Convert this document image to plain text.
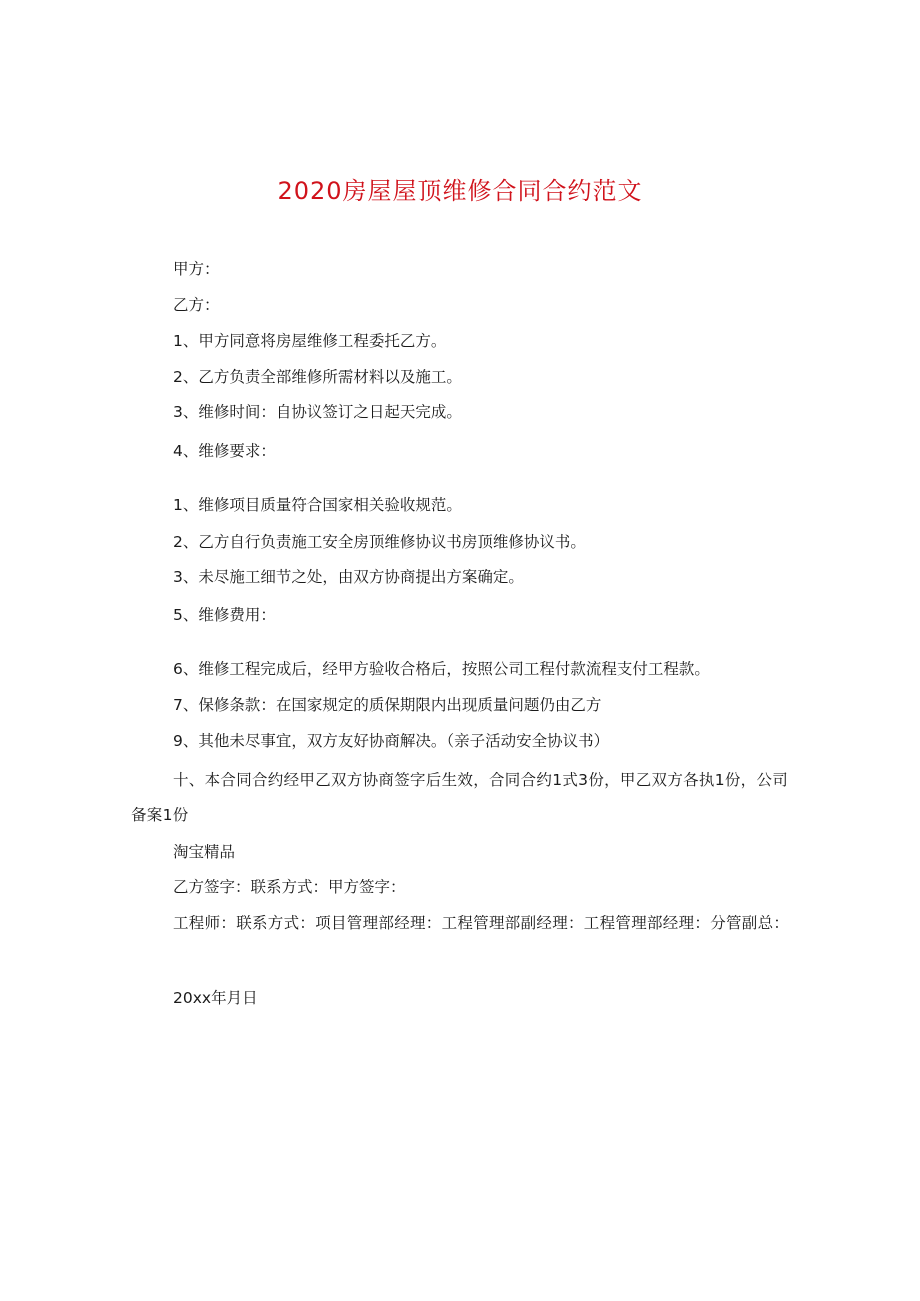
2020房屋屋顶维修合同合约范文

甲方：

乙方：

1、甲方同意将房屋维修工程委托乙方。

2、乙方负责全部维修所需材料以及施工。

3、维修时间：自协议签订之日起天完成。

4、维修要求：

1、维修项目质量符合国家相关验收规范。

2、乙方自行负责施工安全房顶维修协议书房顶维修协议书。

3、未尽施工细节之处，由双方协商提出方案确定。

5、维修费用：

6、维修工程完成后，经甲方验收合格后，按照公司工程付款流程支付工程款。

7、保修条款：在国家规定的质保期限内出现质量问题仍由乙方

9、其他未尽事宜，双方友好协商解决。（亲子活动安全协议书）

十、本合同合约经甲乙双方协商签字后生效，合同合约1式3份，甲乙双方各执1份，公司备案1份

淘宝精品

乙方签字：联系方式：甲方签字：

工程师：联系方式：项目管理部经理：工程管理部副经理：工程管理部经理：分管副总：

20xx年月日
